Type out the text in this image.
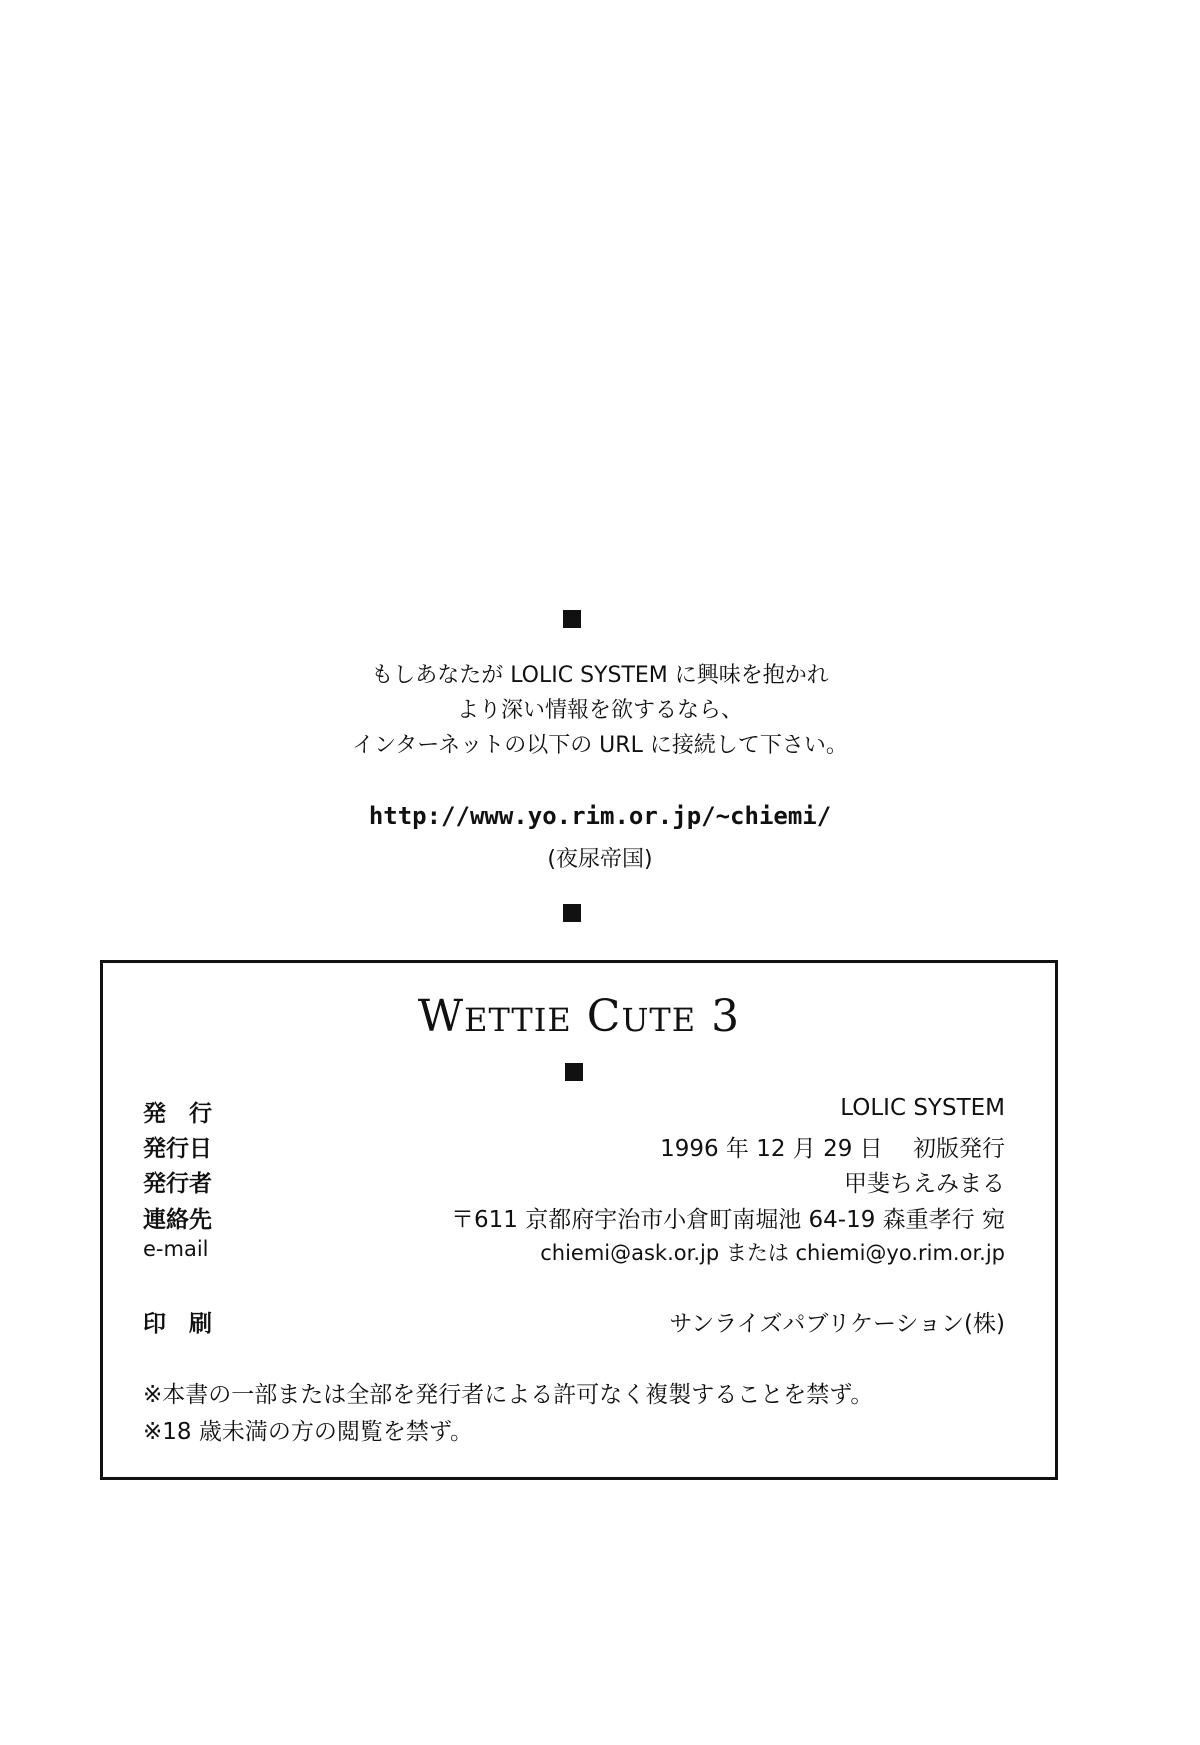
もしあなたが LOLIC SYSTEM に興味を抱かれ
より深い情報を欲するなら、
インターネットの以下の URL に接続して下さい。
http://www.yo.rim.or.jp/~chiemi/
(夜尿帝国)
WETTIE CUTE 3
発　行	LOLIC SYSTEM
発行日	1996 年 12 月 29 日　 初版発行
発行者	甲斐ちえみまる
連絡先	〒611 京都府宇治市小倉町南堀池 64-19 森重孝行 宛
e-mail	chiemi@ask.or.jp または chiemi@yo.rim.or.jp
印　刷	サンライズパブリケーション(株)
※本書の一部または全部を発行者による許可なく複製することを禁ず。
※18 歳未満の方の閲覧を禁ず。
